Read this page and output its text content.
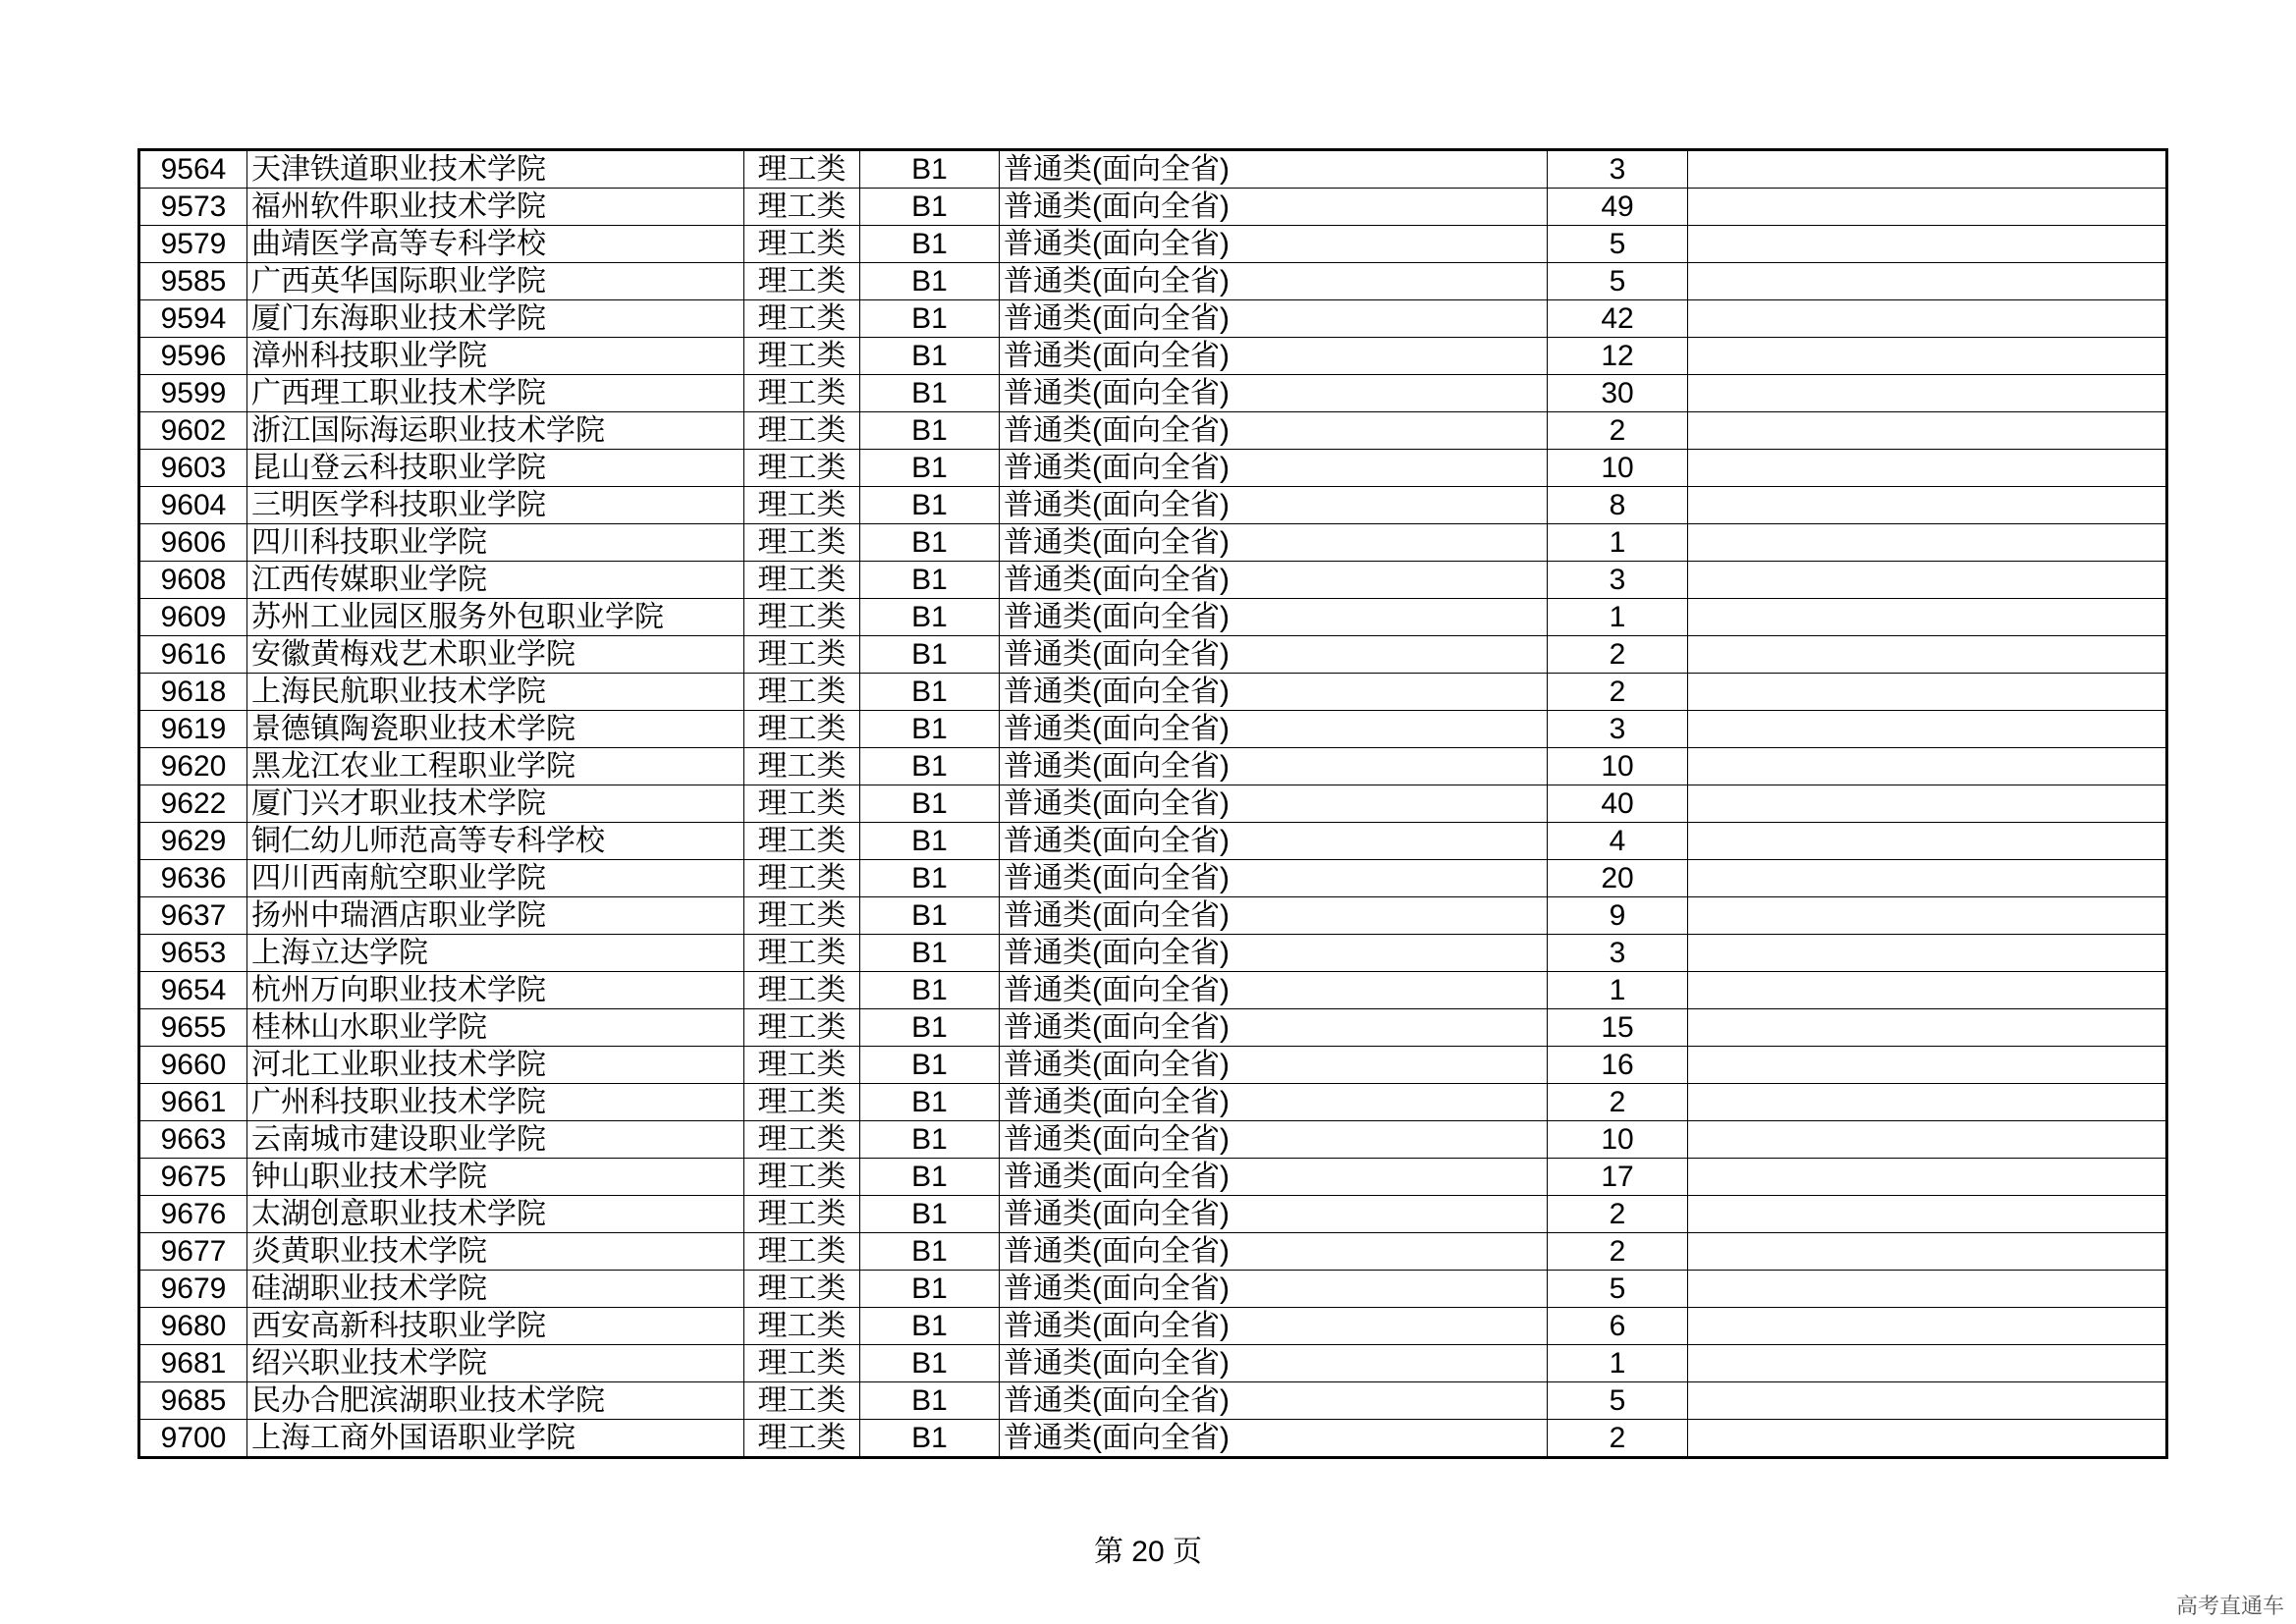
9564	天津铁道职业技术学院	理工类	B1	普通类(面向全省)	3	
9573	福州软件职业技术学院	理工类	B1	普通类(面向全省)	49	
9579	曲靖医学高等专科学校	理工类	B1	普通类(面向全省)	5	
9585	广西英华国际职业学院	理工类	B1	普通类(面向全省)	5	
9594	厦门东海职业技术学院	理工类	B1	普通类(面向全省)	42	
9596	漳州科技职业学院	理工类	B1	普通类(面向全省)	12	
9599	广西理工职业技术学院	理工类	B1	普通类(面向全省)	30	
9602	浙江国际海运职业技术学院	理工类	B1	普通类(面向全省)	2	
9603	昆山登云科技职业学院	理工类	B1	普通类(面向全省)	10	
9604	三明医学科技职业学院	理工类	B1	普通类(面向全省)	8	
9606	四川科技职业学院	理工类	B1	普通类(面向全省)	1	
9608	江西传媒职业学院	理工类	B1	普通类(面向全省)	3	
9609	苏州工业园区服务外包职业学院	理工类	B1	普通类(面向全省)	1	
9616	安徽黄梅戏艺术职业学院	理工类	B1	普通类(面向全省)	2	
9618	上海民航职业技术学院	理工类	B1	普通类(面向全省)	2	
9619	景德镇陶瓷职业技术学院	理工类	B1	普通类(面向全省)	3	
9620	黑龙江农业工程职业学院	理工类	B1	普通类(面向全省)	10	
9622	厦门兴才职业技术学院	理工类	B1	普通类(面向全省)	40	
9629	铜仁幼儿师范高等专科学校	理工类	B1	普通类(面向全省)	4	
9636	四川西南航空职业学院	理工类	B1	普通类(面向全省)	20	
9637	扬州中瑞酒店职业学院	理工类	B1	普通类(面向全省)	9	
9653	上海立达学院	理工类	B1	普通类(面向全省)	3	
9654	杭州万向职业技术学院	理工类	B1	普通类(面向全省)	1	
9655	桂林山水职业学院	理工类	B1	普通类(面向全省)	15	
9660	河北工业职业技术学院	理工类	B1	普通类(面向全省)	16	
9661	广州科技职业技术学院	理工类	B1	普通类(面向全省)	2	
9663	云南城市建设职业学院	理工类	B1	普通类(面向全省)	10	
9675	钟山职业技术学院	理工类	B1	普通类(面向全省)	17	
9676	太湖创意职业技术学院	理工类	B1	普通类(面向全省)	2	
9677	炎黄职业技术学院	理工类	B1	普通类(面向全省)	2	
9679	硅湖职业技术学院	理工类	B1	普通类(面向全省)	5	
9680	西安高新科技职业学院	理工类	B1	普通类(面向全省)	6	
9681	绍兴职业技术学院	理工类	B1	普通类(面向全省)	1	
9685	民办合肥滨湖职业技术学院	理工类	B1	普通类(面向全省)	5	
9700	上海工商外国语职业学院	理工类	B1	普通类(面向全省)	2	
第 20 页
高考直通车
